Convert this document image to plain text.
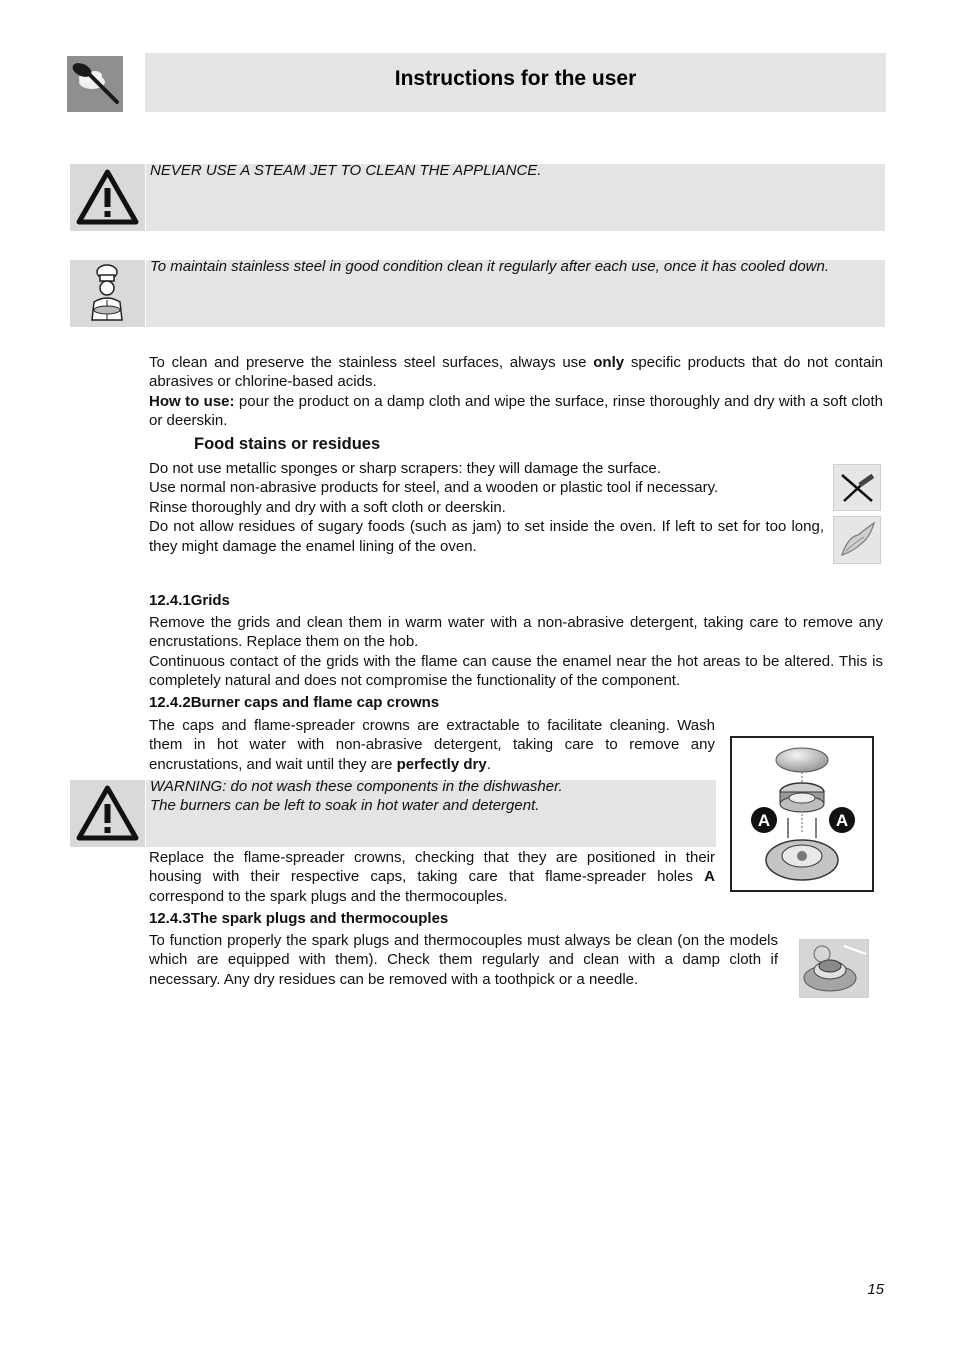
Instructions for the user
NEVER USE A STEAM JET TO CLEAN THE APPLIANCE.
To maintain stainless steel in good condition clean it regularly after each use, once it has cooled down.

To clean and preserve the stainless steel surfaces, always use only specific products that do not contain abrasives or chlorine-based acids.

How to use: pour the product on a damp cloth and wipe the surface, rinse thoroughly and dry with a soft cloth or deerskin.

Food stains or residues

Do not use metallic sponges or sharp scrapers: they will damage the surface.

Use normal non-abrasive products for steel, and a wooden or plastic tool if necessary.

Rinse thoroughly and dry with a soft cloth or deerskin.

Do not allow residues of sugary foods (such as jam) to set inside the oven. If left to set for too long, they might damage the enamel lining of the oven.

12.4.1Grids

Remove the grids and clean them in warm water with a non-abrasive detergent, taking care to remove any encrustations. Replace them on the hob.

Continuous contact of the grids with the flame can cause the enamel near the hot areas to be altered. This is completely natural and does not compromise the functionality of the component.

12.4.2Burner caps and flame cap crowns

The caps and flame-spreader crowns are extractable to facilitate cleaning. Wash them in hot water with non-abrasive detergent, taking care to remove any encrustations, and wait until they are perfectly dry.

WARNING: do not wash these components in the dishwasher.
The burners can be left to soak in hot water and detergent.

Replace the flame-spreader crowns, checking that they are positioned in their housing with their respective caps, taking care that flame-spreader holes A correspond to the spark plugs and the thermocouples.

A	A
12.4.3The spark plugs and thermocouples

To function properly the spark plugs and thermocouples must always be clean (on the models which are equipped with them). Check them regularly and clean with a damp cloth if necessary. Any dry residues can be removed with a toothpick or a needle.

15
